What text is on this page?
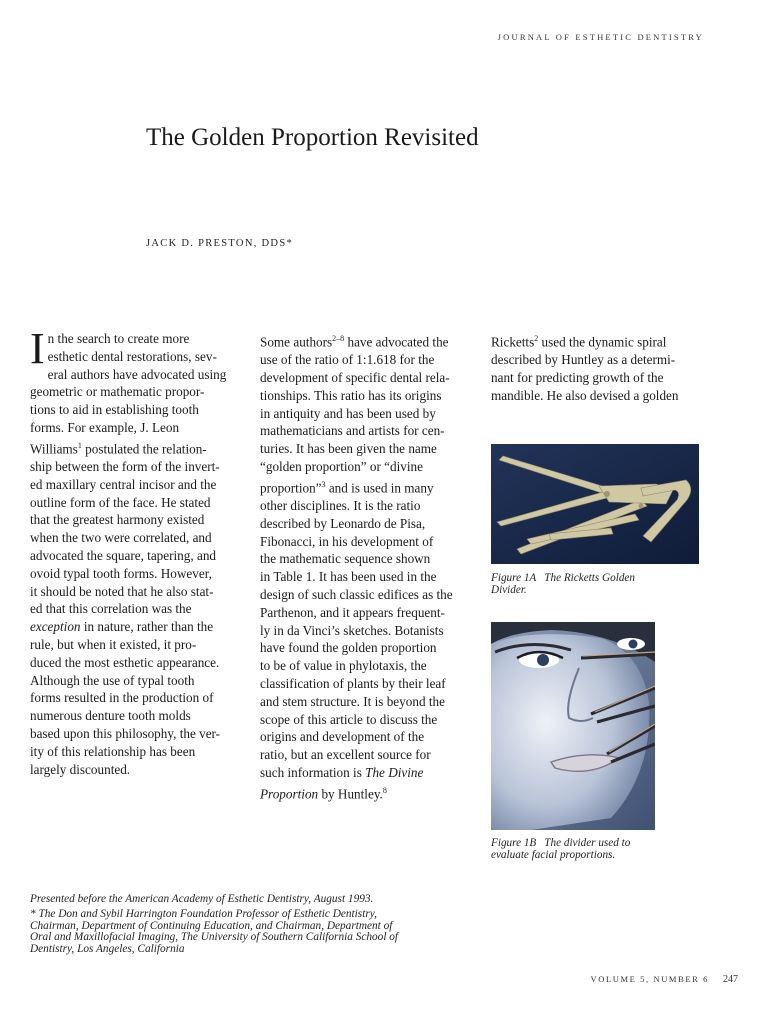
JOURNAL OF ESTHETIC DENTISTRY
The Golden Proportion Revisited
JACK D. PRESTON, DDS*
I n the search to create more
esthetic dental restorations, sev-
eral authors have advocated using
geometric or mathematic propor-
tions to aid in establishing tooth
forms. For example, J. Leon
Williams$^1$ postulated the relation-
ship between the form of the invert-
ed maxillary central incisor and the
outline form of the face. He stated
that the greatest harmony existed
when the two were correlated, and
advocated the square, tapering, and
ovoid typal tooth forms. However,
it should be noted that he also stat-
ed that this correlation was the
exception in nature, rather than the
rule, but when it existed, it pro-
duced the most esthetic appearance.
Although the use of typal tooth
forms resulted in the production of
numerous denture tooth molds
based upon this philosophy, the ver-
ity of this relationship has been
largely discounted.
Some authors$^{2-8}$ have advocated the
use of the ratio of 1:1.618 for the
development of specific dental rela-
tionships. This ratio has its origins
in antiquity and has been used by
mathematicians and artists for cen-
turies. It has been given the name
“golden proportion” or “divine
proportion”$^3$ and is used in many
other disciplines. It is the ratio
described by Leonardo de Pisa,
Fibonacci, in his development of
the mathematic sequence shown
in Table 1. It has been used in the
design of such classic edifices as the
Parthenon, and it appears frequent-
ly in da Vinci’s sketches. Botanists
have found the golden proportion
to be of value in phylotaxis, the
classification of plants by their leaf
and stem structure. It is beyond the
scope of this article to discuss the
origins and development of the
ratio, but an excellent source for
such information is The Divine
Proportion by Huntley.$^8$
Ricketts$^2$ used the dynamic spiral
described by Huntley as a determi-
nant for predicting growth of the
mandible. He also devised a golden
Figure 1A The Ricketts Golden
Divider.
Figure 1B The divider used to
evaluate facial proportions.
Presented before the American Academy of Esthetic Dentistry, August 1993.
* The Don and Sybil Harrington Foundation Professor of Esthetic Dentistry,
Chairman, Department of Continuing Education, and Chairman, Department of
Oral and Maxillofacial Imaging, The University of Southern California School of
Dentistry, Los Angeles, California
VOLUME 5, NUMBER 6 247
